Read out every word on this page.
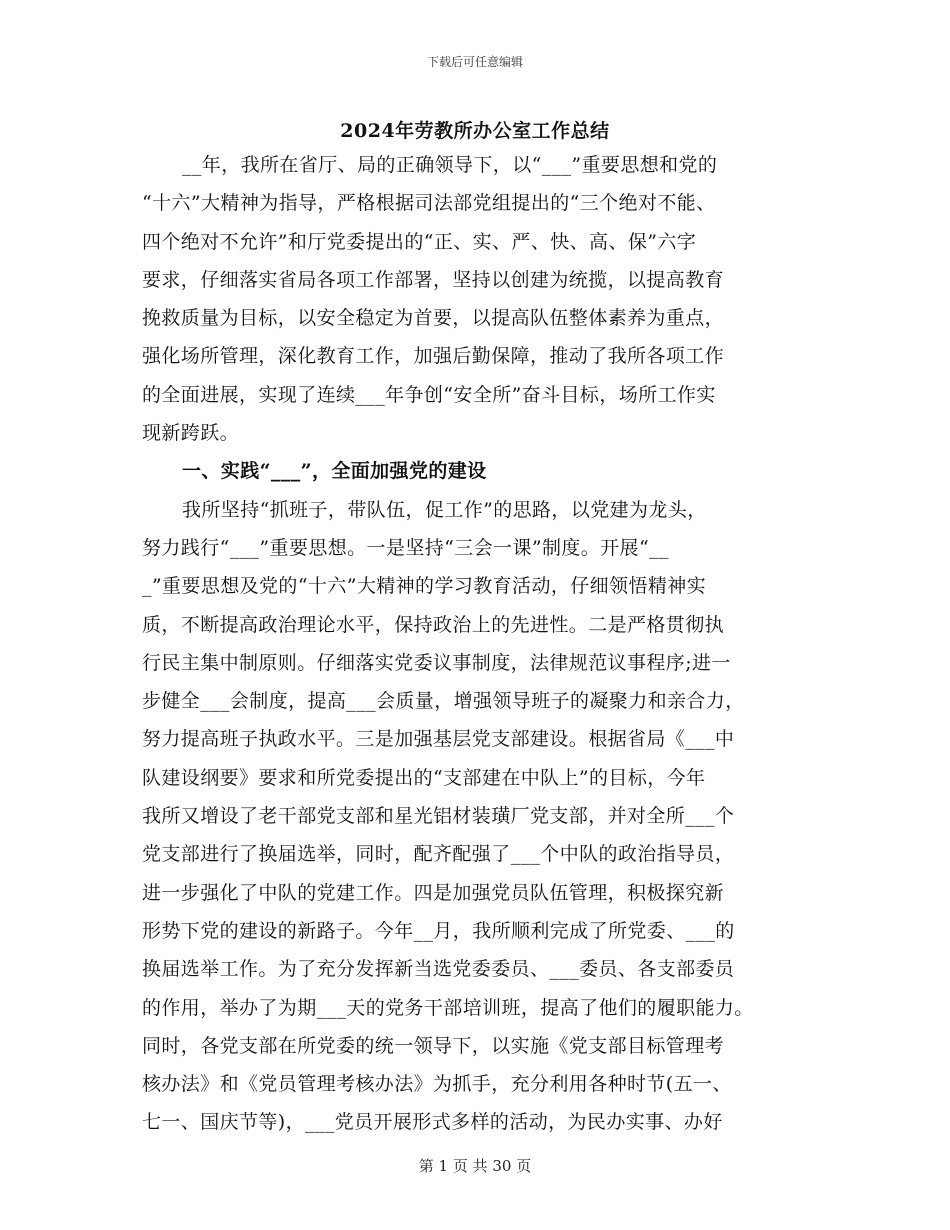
下载后可任意编辑
2024年劳教所办公室工作总结
__年，我所在省厅、局的正确领导下，以“___”重要思想和党的
“十六”大精神为指导，严格根据司法部党组提出的“三个绝对不能、
四个绝对不允许”和厅党委提出的“正、实、严、快、高、保”六字
要求，仔细落实省局各项工作部署，坚持以创建为统揽，以提高教育
挽救质量为目标，以安全稳定为首要，以提高队伍整体素养为重点，
强化场所管理，深化教育工作，加强后勤保障，推动了我所各项工作
的全面进展，实现了连续___年争创“安全所”奋斗目标，场所工作实
现新跨跃。
一、实践“___”，全面加强党的建设
我所坚持“抓班子，带队伍，促工作”的思路，以党建为龙头，
努力践行“___”重要思想。一是坚持“三会一课”制度。开展“__
_”重要思想及党的“十六”大精神的学习教育活动，仔细领悟精神实
质，不断提高政治理论水平，保持政治上的先进性。二是严格贯彻执
行民主集中制原则。仔细落实党委议事制度，法律规范议事程序;进一
步健全___会制度，提高___会质量，增强领导班子的凝聚力和亲合力，
努力提高班子执政水平。三是加强基层党支部建设。根据省局《___中
队建设纲要》要求和所党委提出的“支部建在中队上”的目标，今年
我所又增设了老干部党支部和星光铝材装璜厂党支部，并对全所___个
党支部进行了换届选举，同时，配齐配强了___个中队的政治指导员，
进一步强化了中队的党建工作。四是加强党员队伍管理，积极探究新
形势下党的建设的新路子。今年__月，我所顺利完成了所党委、___的
换届选举工作。为了充分发挥新当选党委委员、___委员、各支部委员
的作用，举办了为期___天的党务干部培训班，提高了他们的履职能力。
同时，各党支部在所党委的统一领导下，以实施《党支部目标管理考
核办法》和《党员管理考核办法》为抓手，充分利用各种时节(五一、
七一、国庆节等)，___党员开展形式多样的活动，为民办实事、办好
第 1 页 共 30 页
